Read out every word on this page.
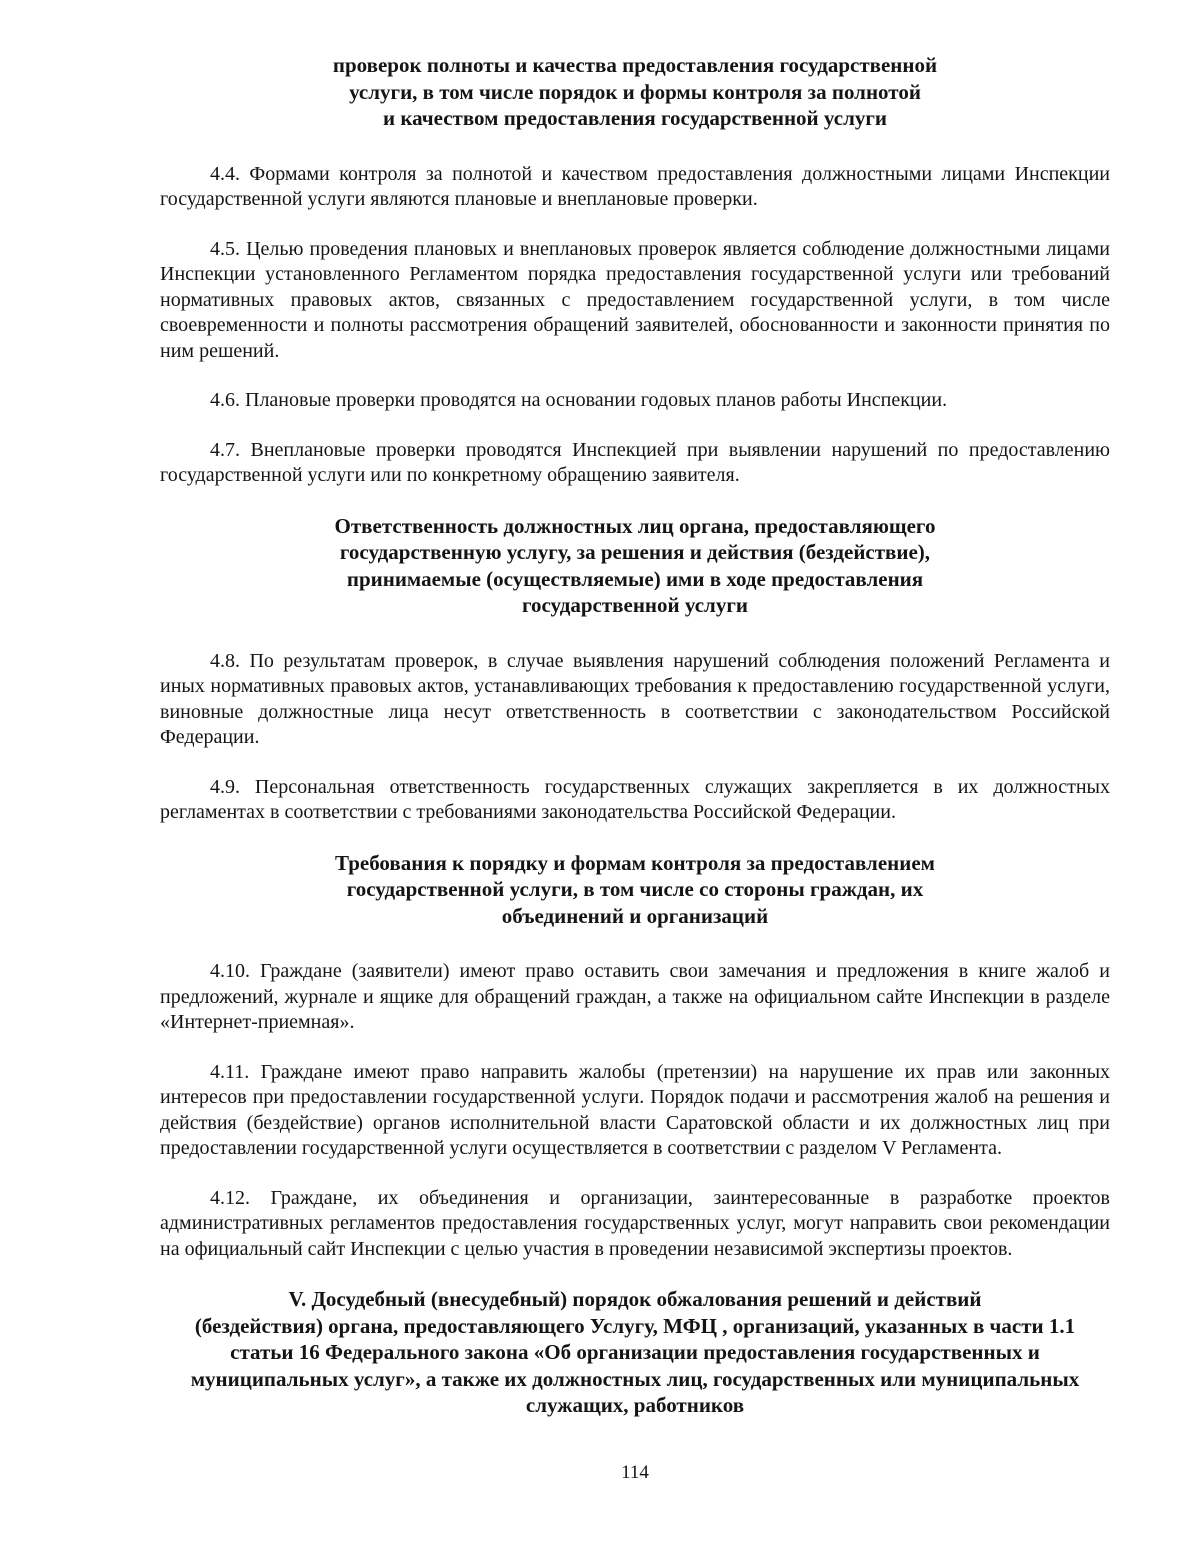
проверок полноты и качества предоставления государственной
услуги, в том числе порядок и формы контроля за полнотой
и качеством предоставления государственной услуги

4.4. Формами контроля за полнотой и качеством предоставления должностными лицами Инспекции государственной услуги являются плановые и внеплановые проверки.

4.5. Целью проведения плановых и внеплановых проверок является соблюдение должностными лицами Инспекции установленного Регламентом порядка предоставления государственной услуги или требований нормативных правовых актов, связанных с предоставлением государственной услуги, в том числе своевременности и полноты рассмотрения обращений заявителей, обоснованности и законности принятия по ним решений.

4.6. Плановые проверки проводятся на основании годовых планов работы Инспекции.

4.7. Внеплановые проверки проводятся Инспекцией при выявлении нарушений по предоставлению государственной услуги или по конкретному обращению заявителя.

Ответственность должностных лиц органа, предоставляющего
государственную услугу, за решения и действия (бездействие),
принимаемые (осуществляемые) ими в ходе предоставления
государственной услуги

4.8. По результатам проверок, в случае выявления нарушений соблюдения положений Регламента и иных нормативных правовых актов, устанавливающих требования к предоставлению государственной услуги, виновные должностные лица несут ответственность в соответствии с законодательством Российской Федерации.

4.9. Персональная ответственность государственных служащих закрепляется в их должностных регламентах в соответствии с требованиями законодательства Российской Федерации.

Требования к порядку и формам контроля за предоставлением
государственной услуги, в том числе со стороны граждан, их
объединений и организаций

4.10. Граждане (заявители) имеют право оставить свои замечания и предложения в книге жалоб и предложений, журнале и ящике для обращений граждан, а также на официальном сайте Инспекции в разделе «Интернет-приемная».

4.11. Граждане имеют право направить жалобы (претензии) на нарушение их прав или законных интересов при предоставлении государственной услуги. Порядок подачи и рассмотрения жалоб на решения и действия (бездействие) органов исполнительной власти Саратовской области и их должностных лиц при предоставлении государственной услуги осуществляется в соответствии с разделом V Регламента.

4.12. Граждане, их объединения и организации, заинтересованные в разработке проектов административных регламентов предоставления государственных услуг, могут направить свои рекомендации на официальный сайт Инспекции с целью участия в проведении независимой экспертизы проектов.

V. Досудебный (внесудебный) порядок обжалования решений и действий
(бездействия) органа, предоставляющего Услугу, МФЦ , организаций, указанных в части 1.1
статьи 16 Федерального закона «Об организации предоставления государственных и
муниципальных услуг», а также их должностных лиц, государственных или муниципальных
служащих, работников
114
